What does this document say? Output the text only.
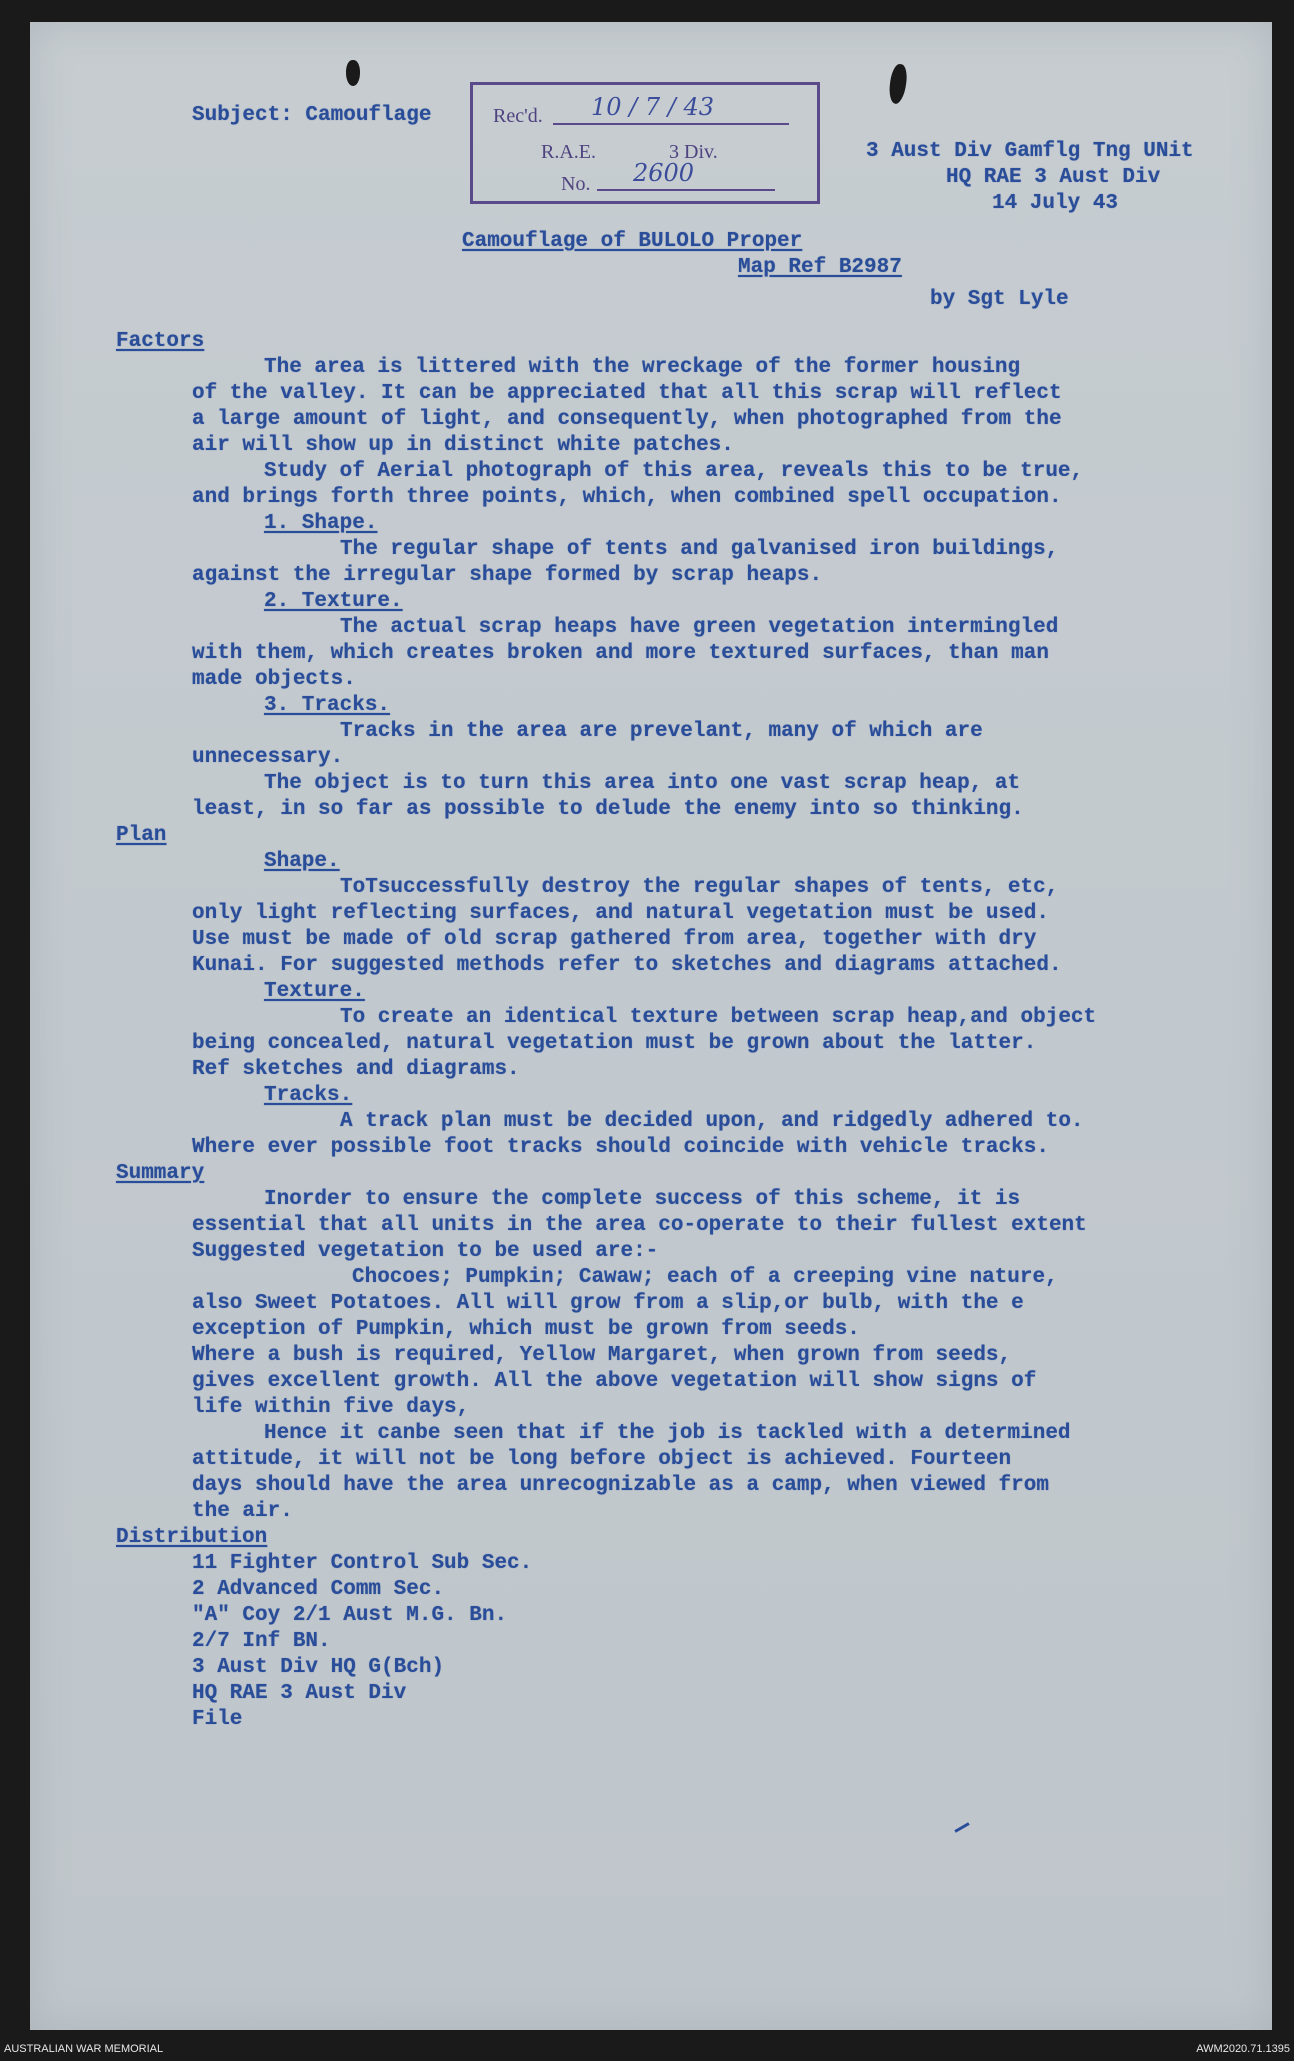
Subject: Camouflage	Rec'd. 10 / 7 / 43
R.A.E.	3 Div.
No. 2600
3 Aust Div Gamflg Tng UNit
HQ RAE 3 Aust Div
14 July 43
Camouflage of BULOLO Proper
Map Ref B2987
by Sgt Lyle
Factors
The area is littered with the wreckage of the former housing
of the valley. It can be appreciated that all this scrap will reflect
a large amount of light, and consequently, when photographed from the
air will show up in distinct white patches.
Study of Aerial photograph of this area, reveals this to be true,
and brings forth three points, which, when combined spell occupation.
1. Shape.
The regular shape of tents and galvanised iron buildings,
against the irregular shape formed by scrap heaps.
2. Texture.
The actual scrap heaps have green vegetation intermingled
with them, which creates broken and more textured surfaces, than man
made objects.
3. Tracks.
Tracks in the area are prevelant, many of which are
unnecessary.
The object is to turn this area into one vast scrap heap, at
least, in so far as possible to delude the enemy into so thinking.
Plan
Shape.
ToTsuccessfully destroy the regular shapes of tents, etc,
only light reflecting surfaces, and natural vegetation must be used.
Use must be made of old scrap gathered from area, together with dry
Kunai. For suggested methods refer to sketches and diagrams attached.
Texture.
To create an identical texture between scrap heap,and object
being concealed, natural vegetation must be grown about the latter.
Ref sketches and diagrams.
Tracks.
A track plan must be decided upon, and ridgedly adhered to.
Where ever possible foot tracks should coincide with vehicle tracks.
Summary
Inorder to ensure the complete success of this scheme, it is
essential that all units in the area co-operate to their fullest extent
Suggested vegetation to be used are:-
Chocoes; Pumpkin; Cawaw; each of a creeping vine nature,
also Sweet Potatoes. All will grow from a slip,or bulb, with the e
exception of Pumpkin, which must be grown from seeds.
Where a bush is required, Yellow Margaret, when grown from seeds,
gives excellent growth. All the above vegetation will show signs of
life within five days,
Hence it canbe seen that if the job is tackled with a determined
attitude, it will not be long before object is achieved. Fourteen
days should have the area unrecognizable as a camp, when viewed from
the air.
Distribution
11 Fighter Control Sub Sec.
2 Advanced Comm Sec.
"A" Coy 2/1 Aust M.G. Bn.
2/7 Inf BN.
3 Aust Div HQ G(Bch)
HQ RAE 3 Aust Div
File
AUSTRALIAN WAR MEMORIAL	AWM2020.71.1395
